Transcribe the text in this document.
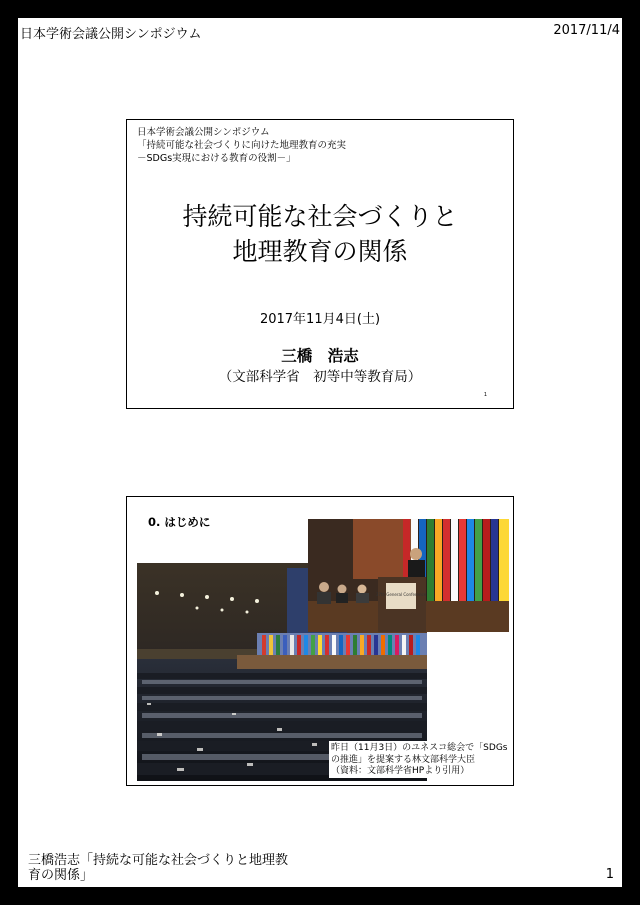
日本学術会議公開シンポジウム	2017/11/4
日本学術会議公開シンポジウム
「持続可能な社会づくりに向けた地理教育の充実
－SDGs実現における教育の役割－」
持続可能な社会づくりと
地理教育の関係
2017年11月4日(土)
三橋　浩志
（文部科学省　初等中等教育局）
1
0. はじめに
37th General Conference
昨日（11月3日）のユネスコ総会で「SDGs
の推進」を提案する林文部科学大臣
（資料：文部科学省HPより引用）
三橋浩志「持続な可能な社会づくりと地理教育の関係」	1
